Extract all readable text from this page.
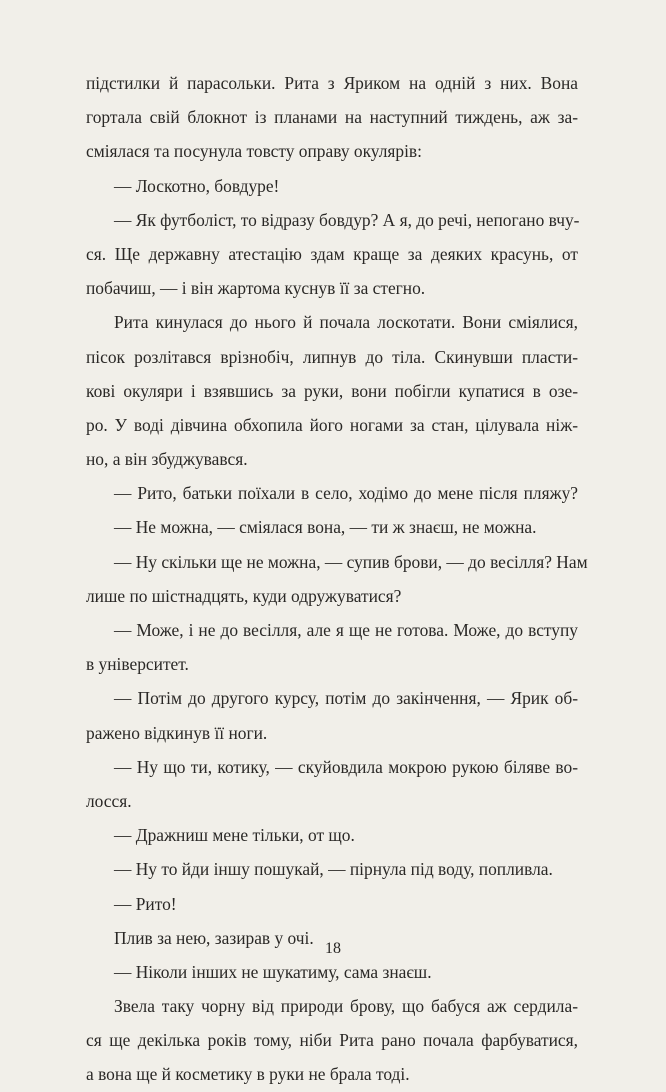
підстилки й парасольки. Рита з Яриком на одній з них. Вона
гортала свій блокнот із планами на наступний тиждень, аж за-
сміялася та посунула товсту оправу окулярів:
— Лоскотно, бовдуре!
— Як футболіст, то відразу бовдур? А я, до речі, непогано вчу-
ся. Ще державну атестацію здам краще за деяких красунь, от
побачиш, — і він жартома куснув її за стегно.
Рита кинулася до нього й почала лоскотати. Вони сміялися,
пісок розлітався врізнобіч, липнув до тіла. Скинувши пласти-
кові окуляри і взявшись за руки, вони побігли купатися в озе-
ро. У воді дівчина обхопила його ногами за стан, цілувала ніж-
но, а він збуджувався.
— Рито, батьки поїхали в село, ходімо до мене після пляжу?
— Не можна, — сміялася вона, — ти ж знаєш, не можна.
— Ну скільки ще не можна, — супив брови, — до весілля? Нам
лише по шістнадцять, куди одружуватися?
— Може, і не до весілля, але я ще не готова. Може, до вступу
в університет.
— Потім до другого курсу, потім до закінчення, — Ярик об-
ражено відкинув її ноги.
— Ну що ти, котику, — скуйовдила мокрою рукою біляве во-
лосся.
— Дражниш мене тільки, от що.
— Ну то йди іншу пошукай, — пірнула під воду, попливла.
— Рито!
Плив за нею, зазирав у очі.
— Ніколи інших не шукатиму, сама знаєш.
Звела таку чорну від природи брову, що бабуся аж сердила-
ся ще декілька років тому, ніби Рита рано почала фарбуватися,
а вона ще й косметику в руки не брала тоді.
18
